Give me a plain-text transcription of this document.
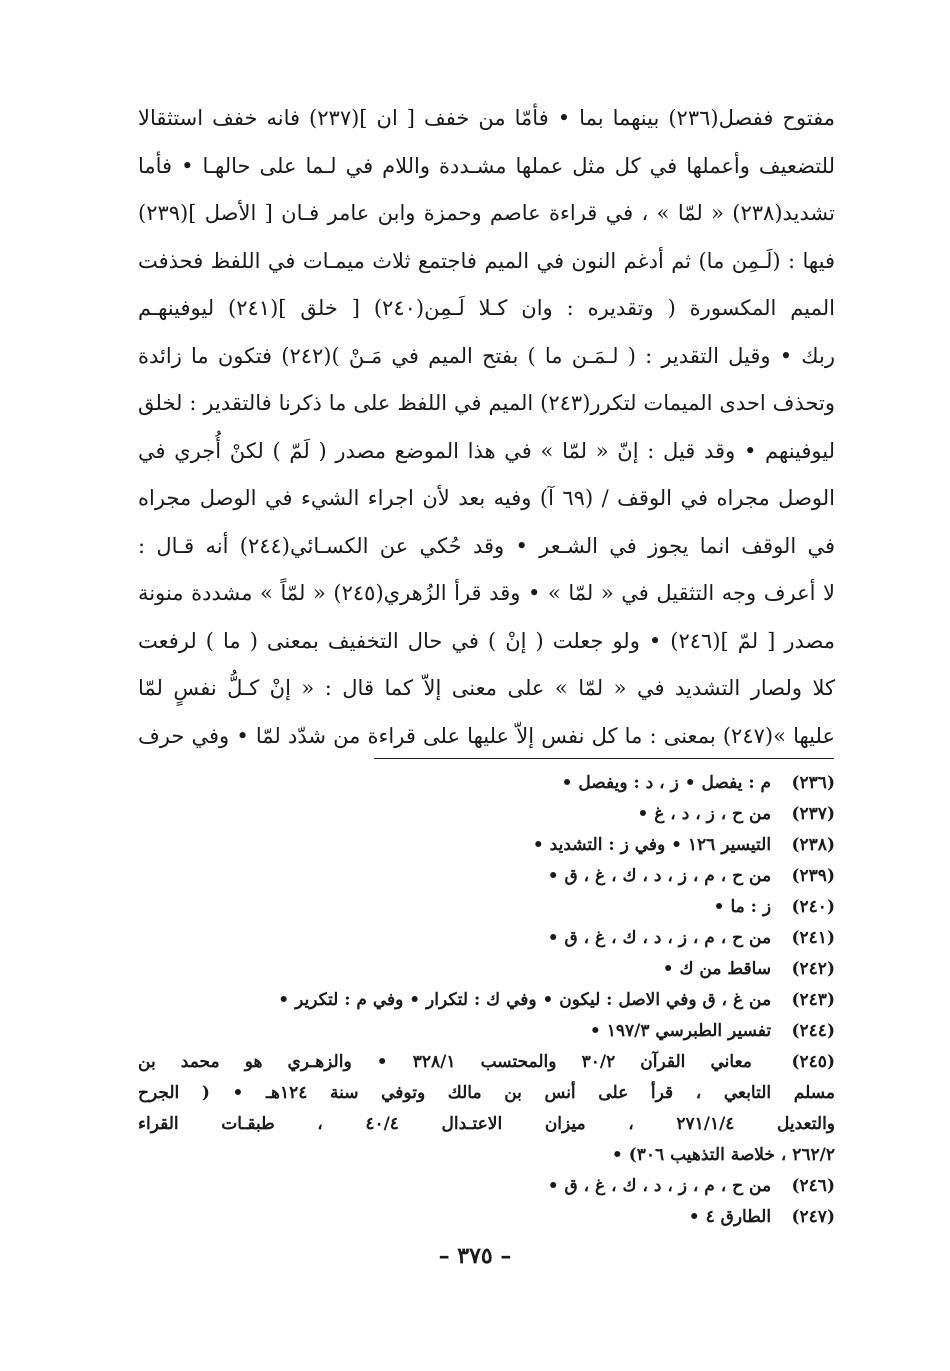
مفتوح ففصل(٢٣٦) بينهما بما • فأمّا من خفف [ ان ](٢٣٧) فانه خفف استثقالا
للتضعيف وأعملها في كل مثل عملها مشـددة واللام في لـما على حالهـا • فأما
تشديد(٢٣٨) « لمّا » ، في قراءة عاصم وحمزة وابن عامر فـان [ الأصل ](٢٣٩)
فيها : (لَـمِن ما) ثم أدغم النون في الميم فاجتمع ثلاث ميمـات في اللفظ فحذفت
الميم المكسورة ( وتقديره : وان كـلا لَـمِن(٢٤٠) [ خلق ](٢٤١) ليوفينهـم
ربك • وقيل التقدير : ( لـمَـن ما ) بفتح الميم في مَـنْ )(٢٤٢) فتكون ما زائدة
وتحذف احدى الميمات لتكرر(٢٤٣) الميم في اللفظ على ما ذكرنا فالتقدير : لخلق
ليوفينهم • وقد قيل : إنّ « لمّا » في هذا الموضع مصدر ( لَمّ ) لكنْ أُجري في
الوصل مجراه في الوقف / (٦٩ آ) وفيه بعد لأن اجراء الشيء في الوصل مجراه
في الوقف انما يجوز في الشـعر • وقد حُكي عن الكسـائي(٢٤٤) أنه قـال :
لا أعرف وجه التثقيل في « لمّا » • وقد قرأ الزُهري(٢٤٥) « لمّاً » مشددة منونة
مصدر [ لمّ ](٢٤٦) • ولو جعلت ( إنْ ) في حال التخفيف بمعنى ( ما ) لرفعت
كلا ولصار التشديد في « لمّا » على معنى إلاّ كما قال : « إنْ كـلُّ نفسٍ لمّا
عليها »(٢٤٧) بمعنى : ما كل نفس إلاّ عليها على قراءة من شدّد لمّا • وفي حرف
(٢٣٦) م : يفصل • ز ، د : ويفصل •
(٢٣٧) من ح ، ز ، د ، غ •
(٢٣٨) التيسير ١٢٦ • وفي ز : التشديد •
(٢٣٩) من ح ، م ، ز ، د ، ك ، غ ، ق •
(٢٤٠) ز : ما •
(٢٤١) من ح ، م ، ز ، د ، ك ، غ ، ق •
(٢٤٢) ساقط من ك •
(٢٤٣) من غ ، ق وفي الاصل : ليكون • وفي ك : لتكرار • وفي م : لتكرير •
(٢٤٤) تفسير الطبرسي ١٩٧/٣ •
(٢٤٥) معاني القرآن ٣٠/٢ والمحتسب ٣٢٨/١ • والزهـري هو محمد بن
مسلم التابعي ، قرأ على أنس بن مالك وتوفي سنة ١٢٤هـ • ( الجرح
والتعديل ٢٧١/١/٤ ، ميزان الاعتـدال ٤٠/٤ ، طبقـات القراء
٢٦٢/٢ ، خلاصة التذهيب ٣٠٦) •
(٢٤٦) من ح ، م ، ز ، د ، ك ، غ ، ق •
(٢٤٧) الطارق ٤ •
– ٣٧٥ –
